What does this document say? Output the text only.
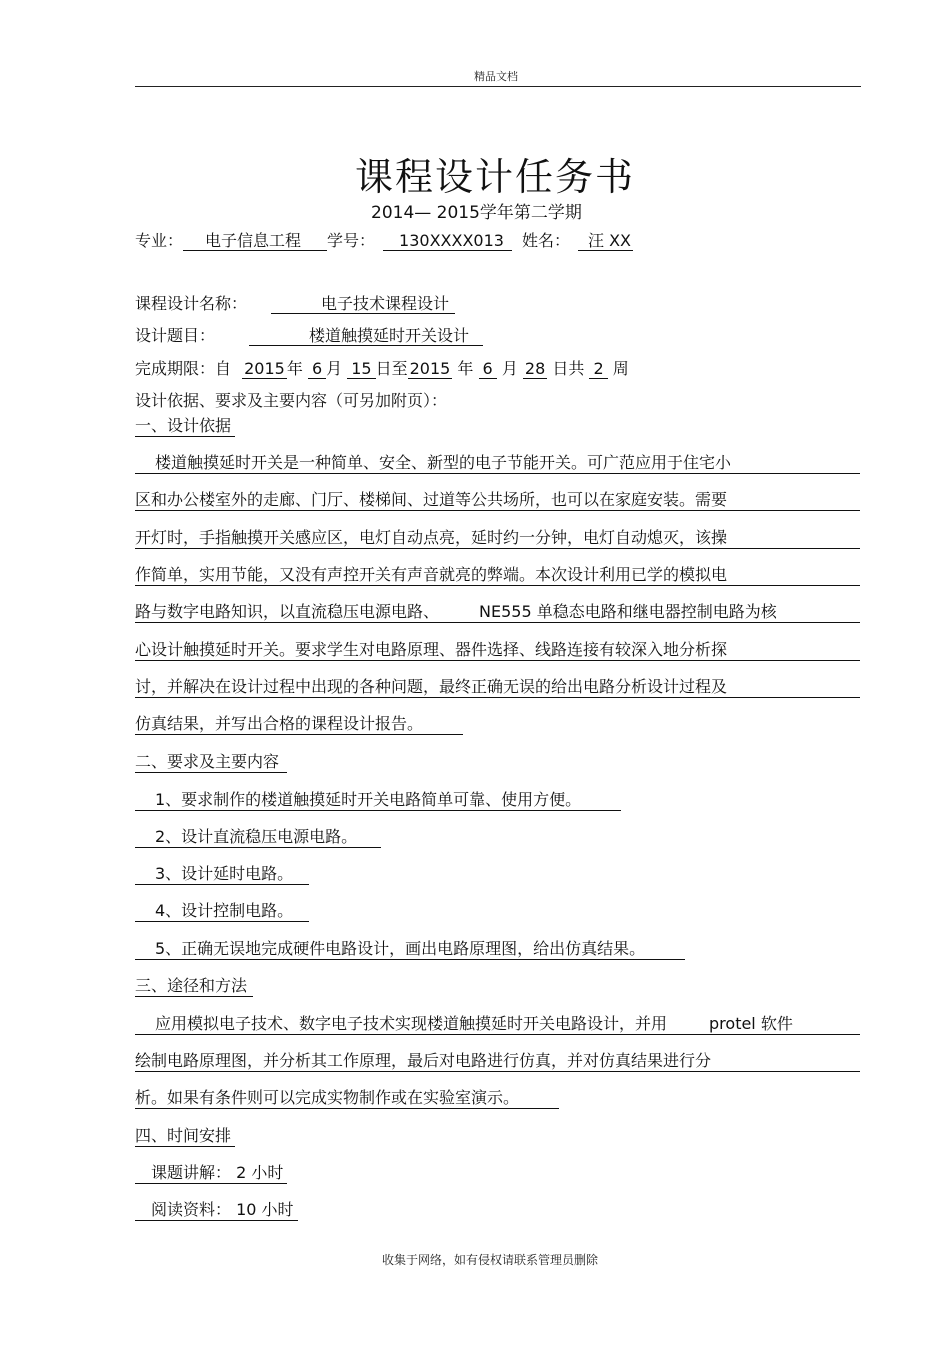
精品文档
课程设计任务书
2014— 2015学年第二学期
专业： 电子信息工程 学号： 130XXXX013 姓名： 汪 XX
课程设计名称：	电子技术课程设计
设计题目：	楼道触摸延时开关设计
完成期限：自 2015 年 6 月 15 日至 2015 年 6 月 28 日共 2 周
设计依据、要求及主要内容（可另加附页）：
一、设计依据
楼道触摸延时开关是一种简单、安全、新型的电子节能开关。可广范应用于住宅小
区和办公楼室外的走廊、门厅、楼梯间、过道等公共场所，也可以在家庭安装。需要
开灯时，手指触摸开关感应区，电灯自动点亮，延时约一分钟，电灯自动熄灭，该操
作简单，实用节能，又没有声控开关有声音就亮的弊端。本次设计利用已学的模拟电
路与数字电路知识，以直流稳压电源电路、	NE555 单稳态电路和继电器控制电路为核
心设计触摸延时开关。要求学生对电路原理、器件选择、线路连接有较深入地分析探
讨，并解决在设计过程中出现的各种问题，最终正确无误的给出电路分析设计过程及
仿真结果，并写出合格的课程设计报告。
二、要求及主要内容
1、要求制作的楼道触摸延时开关电路简单可靠、使用方便。
2、设计直流稳压电源电路。
3、设计延时电路。
4、设计控制电路。
5、正确无误地完成硬件电路设计，画出电路原理图，给出仿真结果。
三、途径和方法
应用模拟电子技术、数字电子技术实现楼道触摸延时开关电路设计，并用	protel 软件
绘制电路原理图，并分析其工作原理，最后对电路进行仿真，并对仿真结果进行分
析。如果有条件则可以完成实物制作或在实验室演示。
四、时间安排
课题讲解： 2 小时
阅读资料： 10 小时
收集于网络，如有侵权请联系管理员删除
